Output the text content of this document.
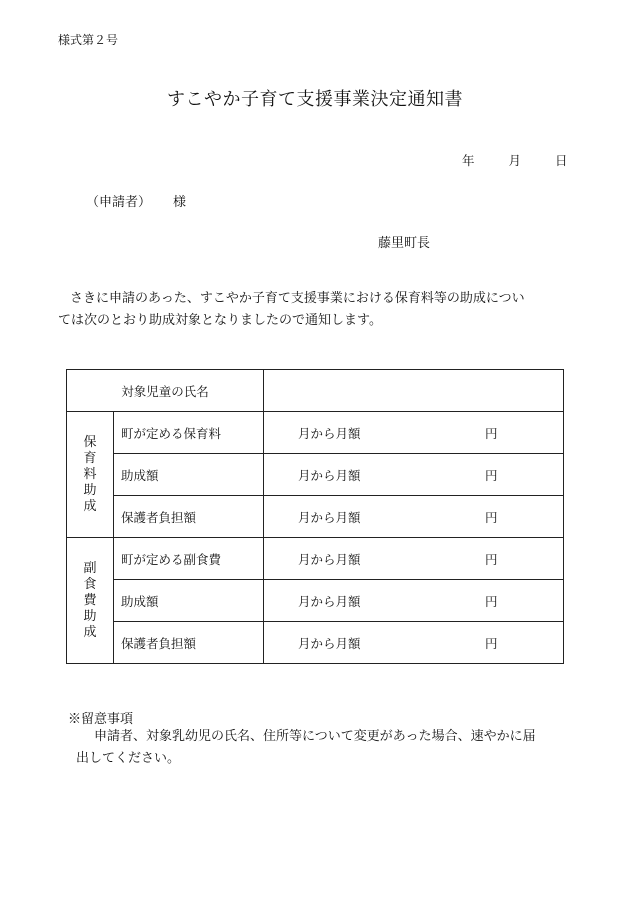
様式第２号
すこやか子育て支援事業決定通知書
年	月	日
（申請者） 様
藤里町長

さきに申請のあった、すこやか子育て支援事業における保育料等の助成につい

ては次のとおり助成対象となりましたので通知します。

対象児童の氏名		

保
育
料
助
成	町が定める保育料	月から月額 円

	助成額	月から月額 円

	保護者負担額	月から月額 円

副
食
費
助
成	町が定める副食費	月から月額 円

	助成額	月から月額 円

	保護者負担額	月から月額 円
※留意事項

申請者、対象乳幼児の氏名、住所等について変更があった場合、速やかに届

出してください。
